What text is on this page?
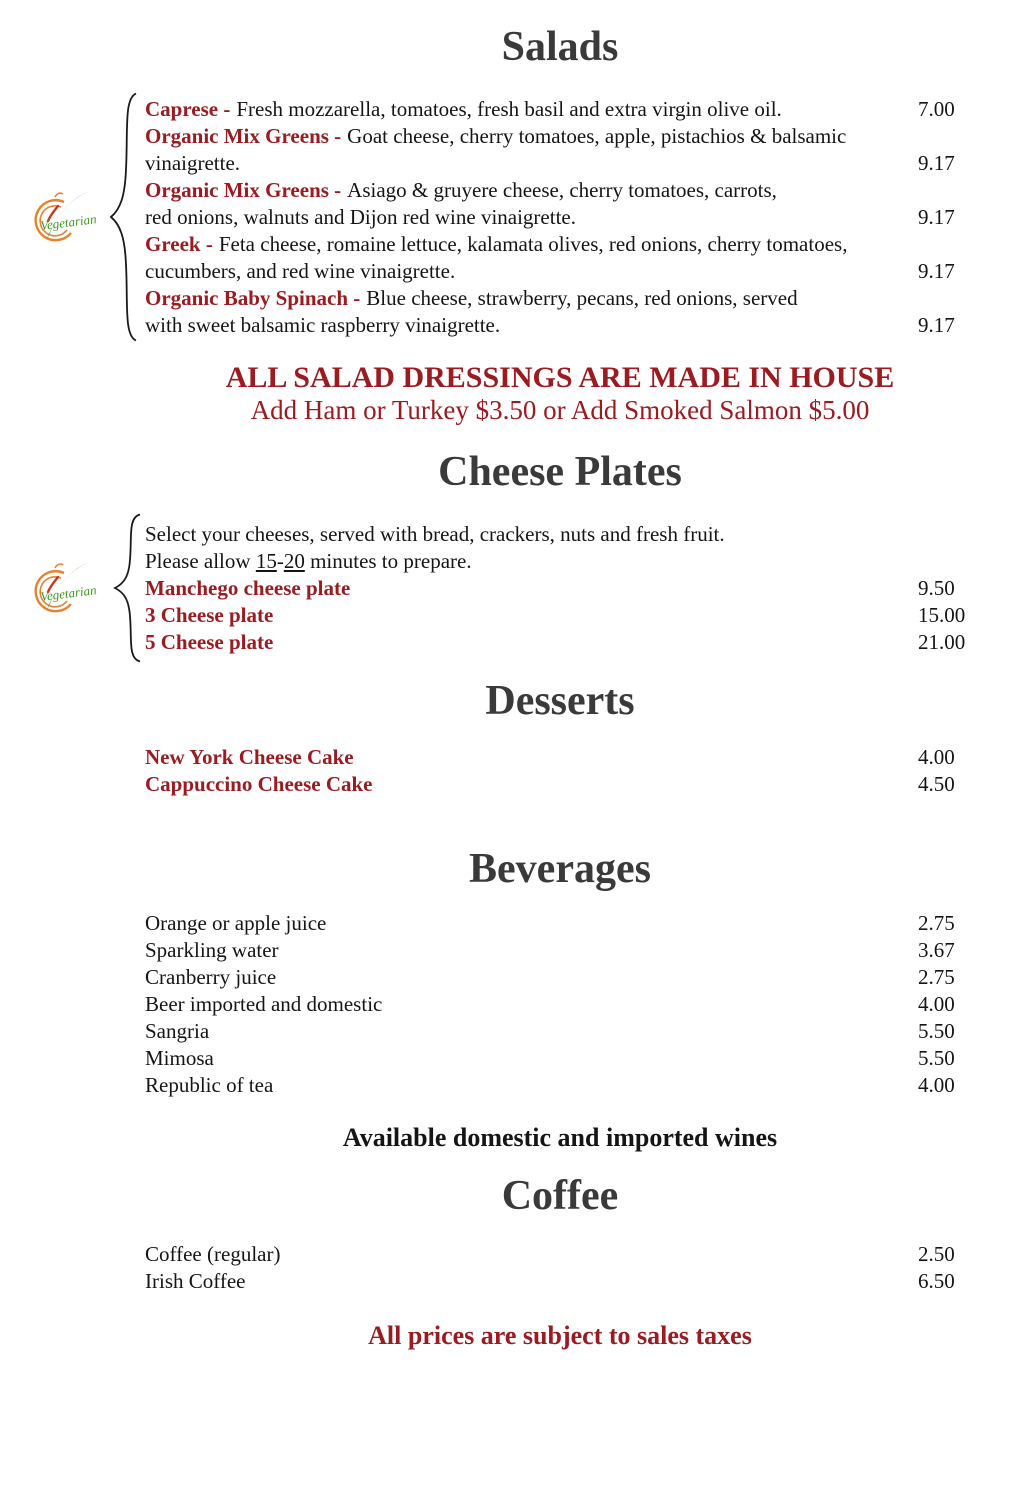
Salads
Vegetarian
Caprese - Fresh mozzarella, tomatoes, fresh basil and extra virgin olive oil.	7.00
Organic Mix Greens - Goat cheese, cherry tomatoes, apple, pistachios & balsamic
vinaigrette.	9.17
Organic Mix Greens - Asiago & gruyere cheese, cherry tomatoes, carrots,
red onions, walnuts and Dijon red wine vinaigrette.	9.17
Greek - Feta cheese, romaine lettuce, kalamata olives, red onions, cherry tomatoes,
cucumbers, and red wine vinaigrette.	9.17
Organic Baby Spinach - Blue cheese, strawberry, pecans, red onions, served
with sweet balsamic raspberry vinaigrette.	9.17
ALL SALAD DRESSINGS ARE MADE IN HOUSE
Add Ham or Turkey $3.50 or Add Smoked Salmon $5.00
Cheese Plates
Vegetarian
Select your cheeses, served with bread, crackers, nuts and fresh fruit.
Please allow 15-20 minutes to prepare.
Manchego cheese plate	9.50
3 Cheese plate	15.00
5 Cheese plate	21.00
Desserts
New York Cheese Cake	4.00
Cappuccino Cheese Cake	4.50
Beverages
Orange or apple juice	2.75
Sparkling water	3.67
Cranberry juice	2.75
Beer imported and domestic	4.00
Sangria	5.50
Mimosa	5.50
Republic of tea	4.00
Available domestic and imported wines
Coffee
Coffee (regular)	2.50
Irish Coffee	6.50
All prices are subject to sales taxes
